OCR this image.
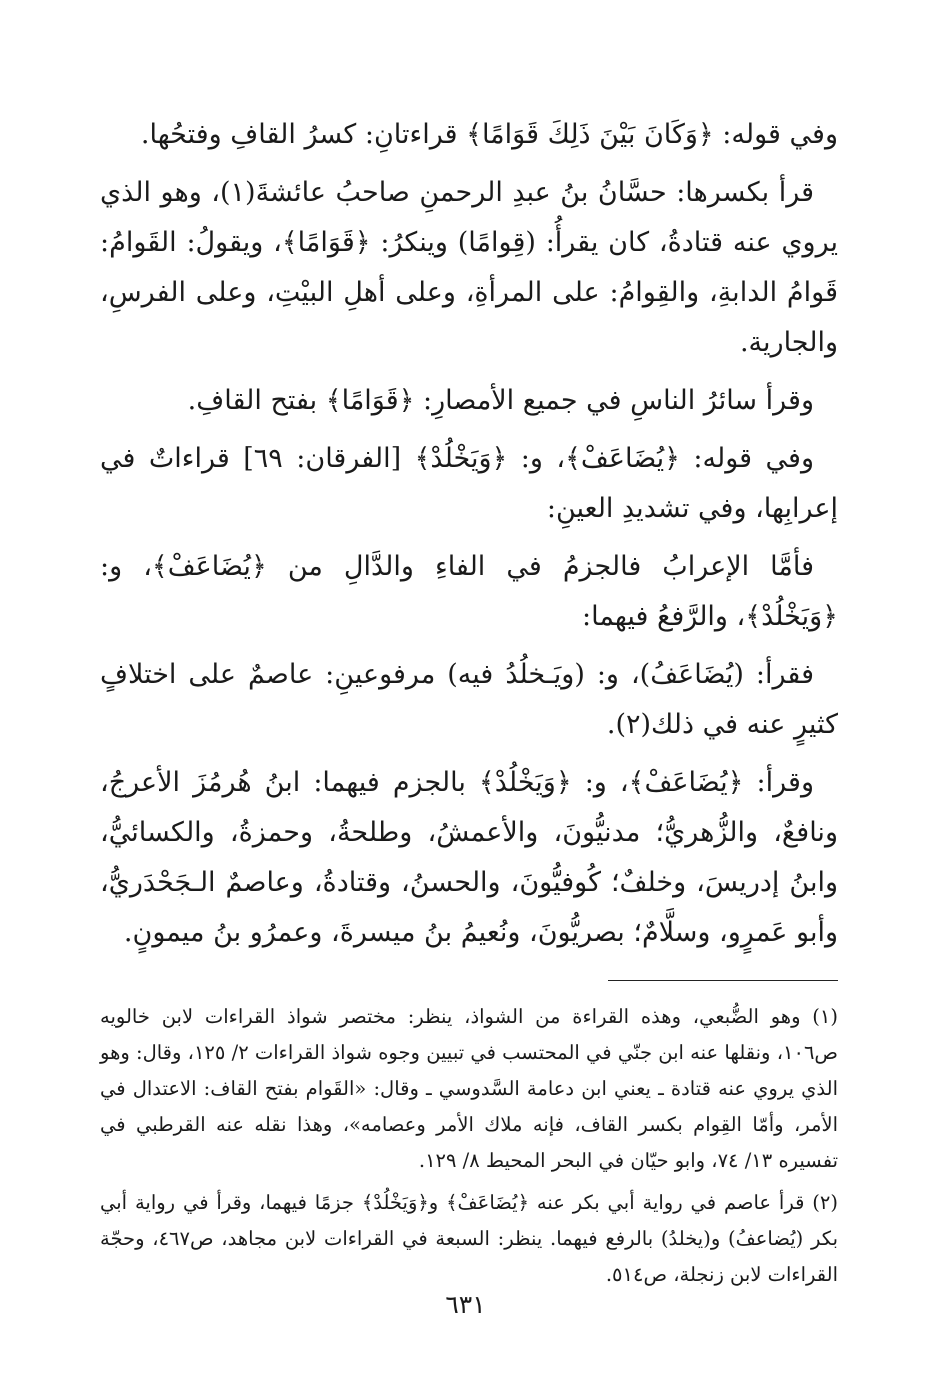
وفي قوله: ﴿وَكَانَ بَيْنَ ذَلِكَ قَوَامًا﴾ قراءتانِ: كسرُ القافِ وفتحُها.

قرأ بكسرها: حسَّانُ بنُ عبدِ الرحمنِ صاحبُ عائشةَ(١)، وهو الذي يروي عنه قتادةُ، كان يقرأُ: (قِوامًا) وينكرُ: ﴿قَوَامًا﴾، ويقولُ: القَوامُ: قَوامُ الدابةِ، والقِوامُ: على المرأةِ، وعلى أهلِ البيْتِ، وعلى الفرسِ، والجارية.

وقرأ سائرُ الناسِ في جميع الأمصارِ: ﴿قَوَامًا﴾ بفتح القافِ.

وفي قوله: ﴿يُضَاعَفْ﴾، و: ﴿وَيَخْلُدْ﴾ [الفرقان: ٦٩] قراءاتٌ في إعرابِها، وفي تشديدِ العينِ:

فأمَّا الإعرابُ فالجزمُ في الفاءِ والدَّالِ من ﴿يُضَاعَفْ﴾، و: ﴿وَيَخْلُدْ﴾، والرَّفعُ فيهما:

فقرأ: (يُضَاعَفُ)، و: (ويَـخلُدُ فيه) مرفوعينِ: عاصمٌ على اختلافٍ كثيرٍ عنه في ذلك(٢).

وقرأ: ﴿يُضَاعَفْ﴾، و: ﴿وَيَخْلُدْ﴾ بالجزم فيهما: ابنُ هُرمُزَ الأعرجُ، ونافعٌ، والزُّهريُّ؛ مدنيُّونَ، والأعمشُ، وطلحةُ، وحمزةُ، والكسائيُّ، وابنُ إدريسَ، وخلفٌ؛ كُوفيُّونَ، والحسنُ، وقتادةُ، وعاصمٌ الـجَحْدَريُّ، وأبو عَمرٍو، وسلَّامٌ؛ بصريُّونَ، ونُعيمُ بنُ ميسرةَ، وعمرُو بنُ ميمونٍ.

(١) وهو الضُّبعي، وهذه القراءة من الشواذ، ينظر: مختصر شواذ القراءات لابن خالويه ص١٠٦، ونقلها عنه ابن جنّي في المحتسب في تبيين وجوه شواذ القراءات ٢/ ١٢٥، وقال: وهو الذي يروي عنه قتادة ـ يعني ابن دعامة السَّدوسي ـ وقال: «القَوام بفتح القاف: الاعتدال في الأمر، وأمّا القِوام بكسر القاف، فإنه ملاك الأمر وعصامه»، وهذا نقله عنه القرطبي في تفسيره ١٣/ ٧٤، وابو حيّان في البحر المحيط ٨/ ١٢٩.

(٢) قرأ عاصم في رواية أبي بكر عنه ﴿يُضَاعَفْ﴾ و﴿وَيَخْلُدْ﴾ جزمًا فيهما، وقرأ في رواية أبي بكر (يُضاعفُ) و(يخلدُ) بالرفع فيهما. ينظر: السبعة في القراءات لابن مجاهد، ص٤٦٧، وحجّة القراءات لابن زنجلة، ص٥١٤.

٦٣١
